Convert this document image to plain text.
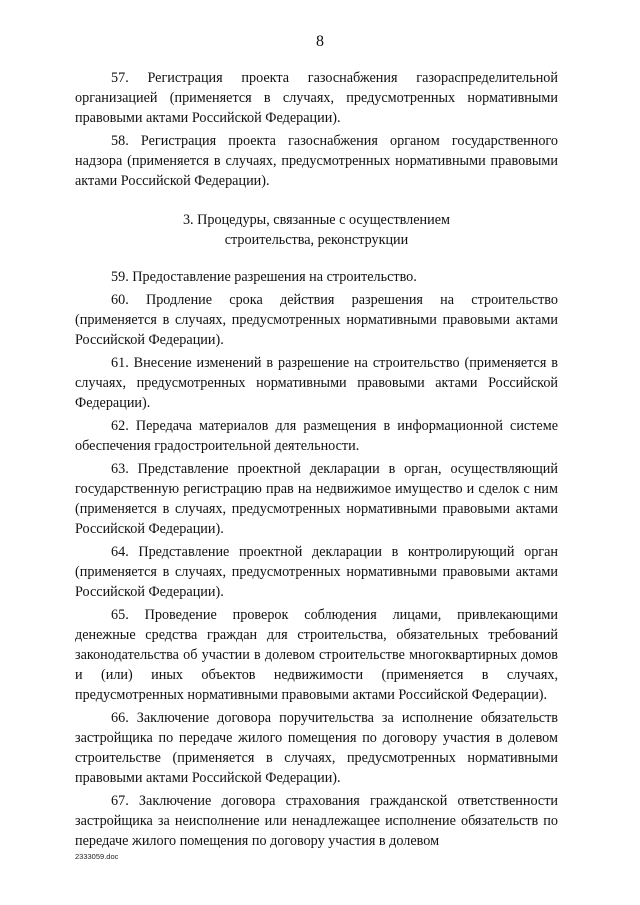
8

57. Регистрация проекта газоснабжения газораспределительной организацией (применяется в случаях, предусмотренных нормативными правовыми актами Российской Федерации).

58. Регистрация проекта газоснабжения органом государственного надзора (применяется в случаях, предусмотренных нормативными правовыми актами Российской Федерации).

3. Процедуры, связанные с осуществлением
строительства, реконструкции

59. Предоставление разрешения на строительство.

60. Продление срока действия разрешения на строительство (применяется в случаях, предусмотренных нормативными правовыми актами Российской Федерации).

61. Внесение изменений в разрешение на строительство (применяется в случаях, предусмотренных нормативными правовыми актами Российской Федерации).

62. Передача материалов для размещения в информационной системе обеспечения градостроительной деятельности.

63. Представление проектной декларации в орган, осуществляющий государственную регистрацию прав на недвижимое имущество и сделок с ним (применяется в случаях, предусмотренных нормативными правовыми актами Российской Федерации).

64. Представление проектной декларации в контролирующий орган (применяется в случаях, предусмотренных нормативными правовыми актами Российской Федерации).

65. Проведение проверок соблюдения лицами, привлекающими денежные средства граждан для строительства, обязательных требований законодательства об участии в долевом строительстве многоквартирных домов и (или) иных объектов недвижимости (применяется в случаях, предусмотренных нормативными правовыми актами Российской Федерации).

66. Заключение договора поручительства за исполнение обязательств застройщика по передаче жилого помещения по договору участия в долевом строительстве (применяется в случаях, предусмотренных нормативными правовыми актами Российской Федерации).

67. Заключение договора страхования гражданской ответственности застройщика за неисполнение или ненадлежащее исполнение обязательств по передаче жилого помещения по договору участия в долевом

2333059.doc
